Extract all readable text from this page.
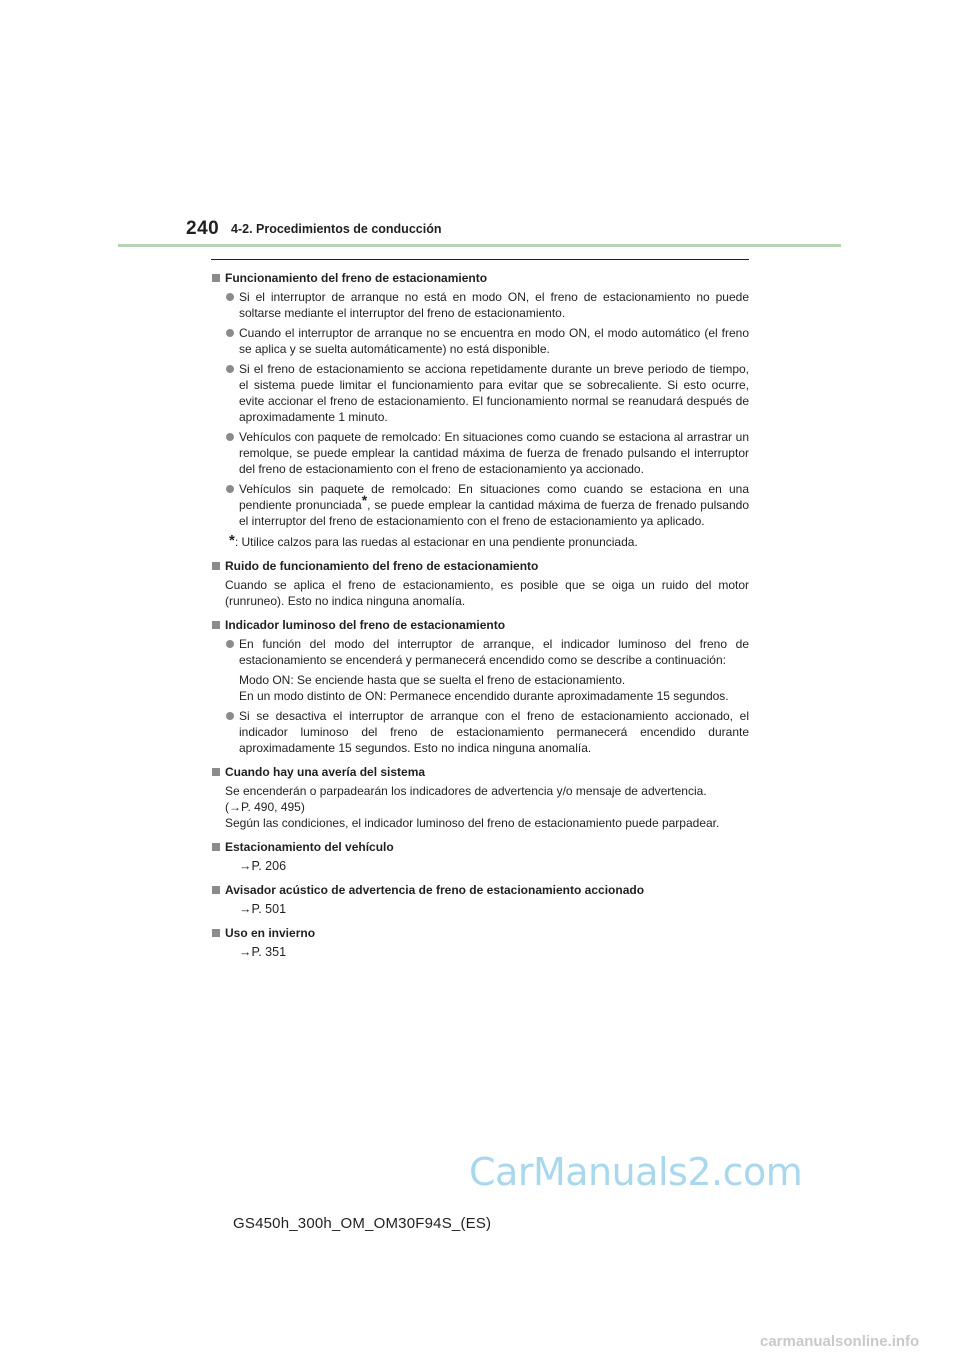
240 4-2. Procedimientos de conducción
Funcionamiento del freno de estacionamiento
Si el interruptor de arranque no está en modo ON, el freno de estacionamiento no puede soltarse mediante el interruptor del freno de estacionamiento.
Cuando el interruptor de arranque no se encuentra en modo ON, el modo automático (el freno se aplica y se suelta automáticamente) no está disponible.
Si el freno de estacionamiento se acciona repetidamente durante un breve periodo de tiempo, el sistema puede limitar el funcionamiento para evitar que se sobrecaliente. Si esto ocurre, evite accionar el freno de estacionamiento. El funcionamiento normal se reanudará después de aproximadamente 1 minuto.
Vehículos con paquete de remolcado: En situaciones como cuando se estaciona al arrastrar un remolque, se puede emplear la cantidad máxima de fuerza de frenado pulsando el interruptor del freno de estacionamiento con el freno de estacionamiento ya accionado.
Vehículos sin paquete de remolcado: En situaciones como cuando se estaciona en una pendiente pronunciada*, se puede emplear la cantidad máxima de fuerza de frenado pulsando el interruptor del freno de estacionamiento con el freno de estacionamiento ya aplicado.
*: Utilice calzos para las ruedas al estacionar en una pendiente pronunciada.
Ruido de funcionamiento del freno de estacionamiento
Cuando se aplica el freno de estacionamiento, es posible que se oiga un ruido del motor (runruneo). Esto no indica ninguna anomalía.
Indicador luminoso del freno de estacionamiento
En función del modo del interruptor de arranque, el indicador luminoso del freno de estacionamiento se encenderá y permanecerá encendido como se describe a continuación:
Modo ON: Se enciende hasta que se suelta el freno de estacionamiento.
En un modo distinto de ON: Permanece encendido durante aproximadamente 15 segundos.
Si se desactiva el interruptor de arranque con el freno de estacionamiento accionado, el indicador luminoso del freno de estacionamiento permanecerá encendido durante aproximadamente 15 segundos. Esto no indica ninguna anomalía.
Cuando hay una avería del sistema
Se encenderán o parpadearán los indicadores de advertencia y/o mensaje de advertencia.
(→P. 490, 495)
Según las condiciones, el indicador luminoso del freno de estacionamiento puede parpadear.
Estacionamiento del vehículo
→P. 206
Avisador acústico de advertencia de freno de estacionamiento accionado
→P. 501
Uso en invierno
→P. 351
CarManuals2.com
GS450h_300h_OM_OM30F94S_(ES)
carmanualsonline.info
